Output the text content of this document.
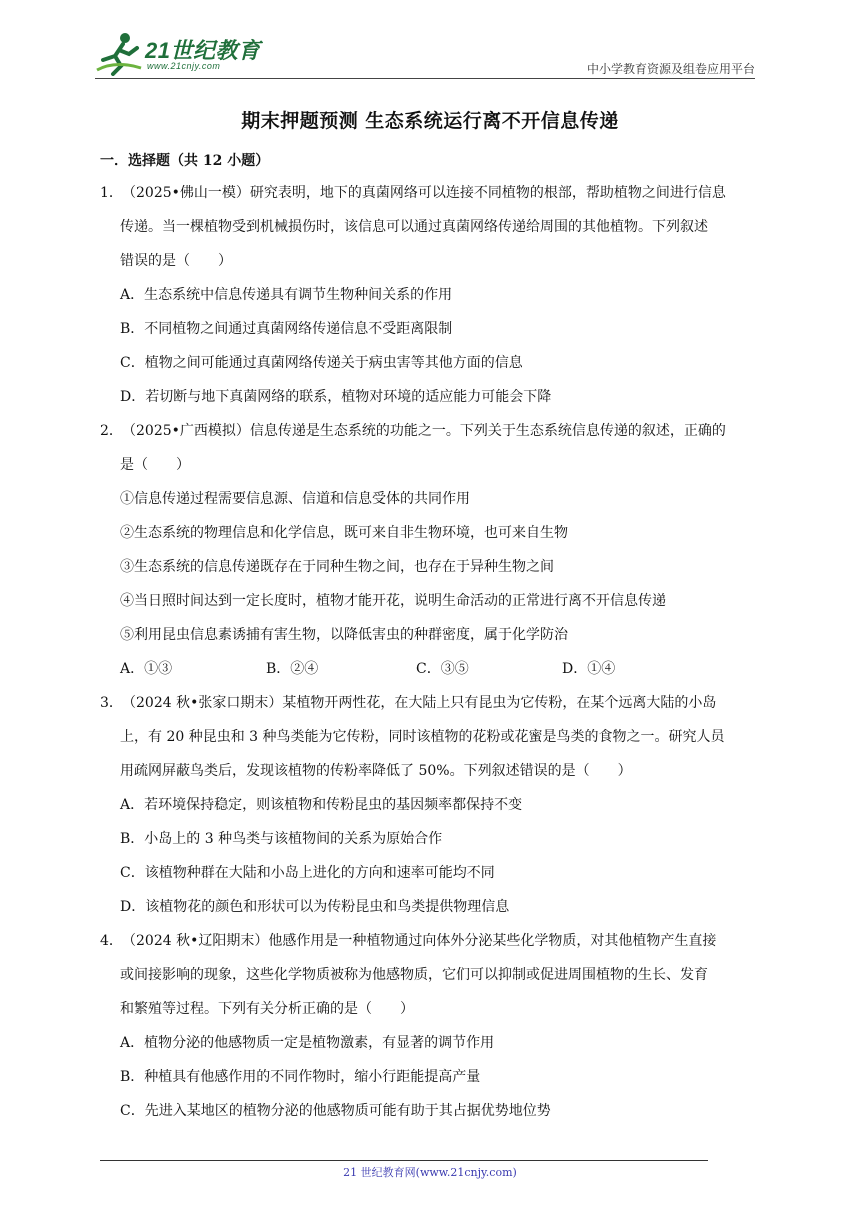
21世纪教育
www.21cnjy.com	中小学教育资源及组卷应用平台
期末押题预测 生态系统运行离不开信息传递
一．选择题（共 12 小题）
1．（2025•佛山一模）研究表明，地下的真菌网络可以连接不同植物的根部，帮助植物之间进行信息
传递。当一棵植物受到机械损伤时，该信息可以通过真菌网络传递给周围的其他植物。下列叙述
错误的是（　　）
A．生态系统中信息传递具有调节生物种间关系的作用
B．不同植物之间通过真菌网络传递信息不受距离限制
C．植物之间可能通过真菌网络传递关于病虫害等其他方面的信息
D．若切断与地下真菌网络的联系，植物对环境的适应能力可能会下降
2．（2025•广西模拟）信息传递是生态系统的功能之一。下列关于生态系统信息传递的叙述，正确的
是（　　）
①信息传递过程需要信息源、信道和信息受体的共同作用
②生态系统的物理信息和化学信息，既可来自非生物环境，也可来自生物
③生态系统的信息传递既存在于同种生物之间，也存在于异种生物之间
④当日照时间达到一定长度时，植物才能开花，说明生命活动的正常进行离不开信息传递
⑤利用昆虫信息素诱捕有害生物，以降低害虫的种群密度，属于化学防治
A．①③	B．②④	C．③⑤	D．①④
3．（2024 秋•张家口期末）某植物开两性花，在大陆上只有昆虫为它传粉，在某个远离大陆的小岛
上，有 20 种昆虫和 3 种鸟类能为它传粉，同时该植物的花粉或花蜜是鸟类的食物之一。研究人员
用疏网屏蔽鸟类后，发现该植物的传粉率降低了 50%。下列叙述错误的是（　　）
A．若环境保持稳定，则该植物和传粉昆虫的基因频率都保持不变
B．小岛上的 3 种鸟类与该植物间的关系为原始合作
C．该植物种群在大陆和小岛上进化的方向和速率可能均不同
D．该植物花的颜色和形状可以为传粉昆虫和鸟类提供物理信息
4．（2024 秋•辽阳期末）他感作用是一种植物通过向体外分泌某些化学物质，对其他植物产生直接
或间接影响的现象，这些化学物质被称为他感物质，它们可以抑制或促进周围植物的生长、发育
和繁殖等过程。下列有关分析正确的是（　　）
A．植物分泌的他感物质一定是植物激素，有显著的调节作用
B．种植具有他感作用的不同作物时，缩小行距能提高产量
C．先进入某地区的植物分泌的他感物质可能有助于其占据优势地位势
21 世纪教育网(www.21cnjy.com)
